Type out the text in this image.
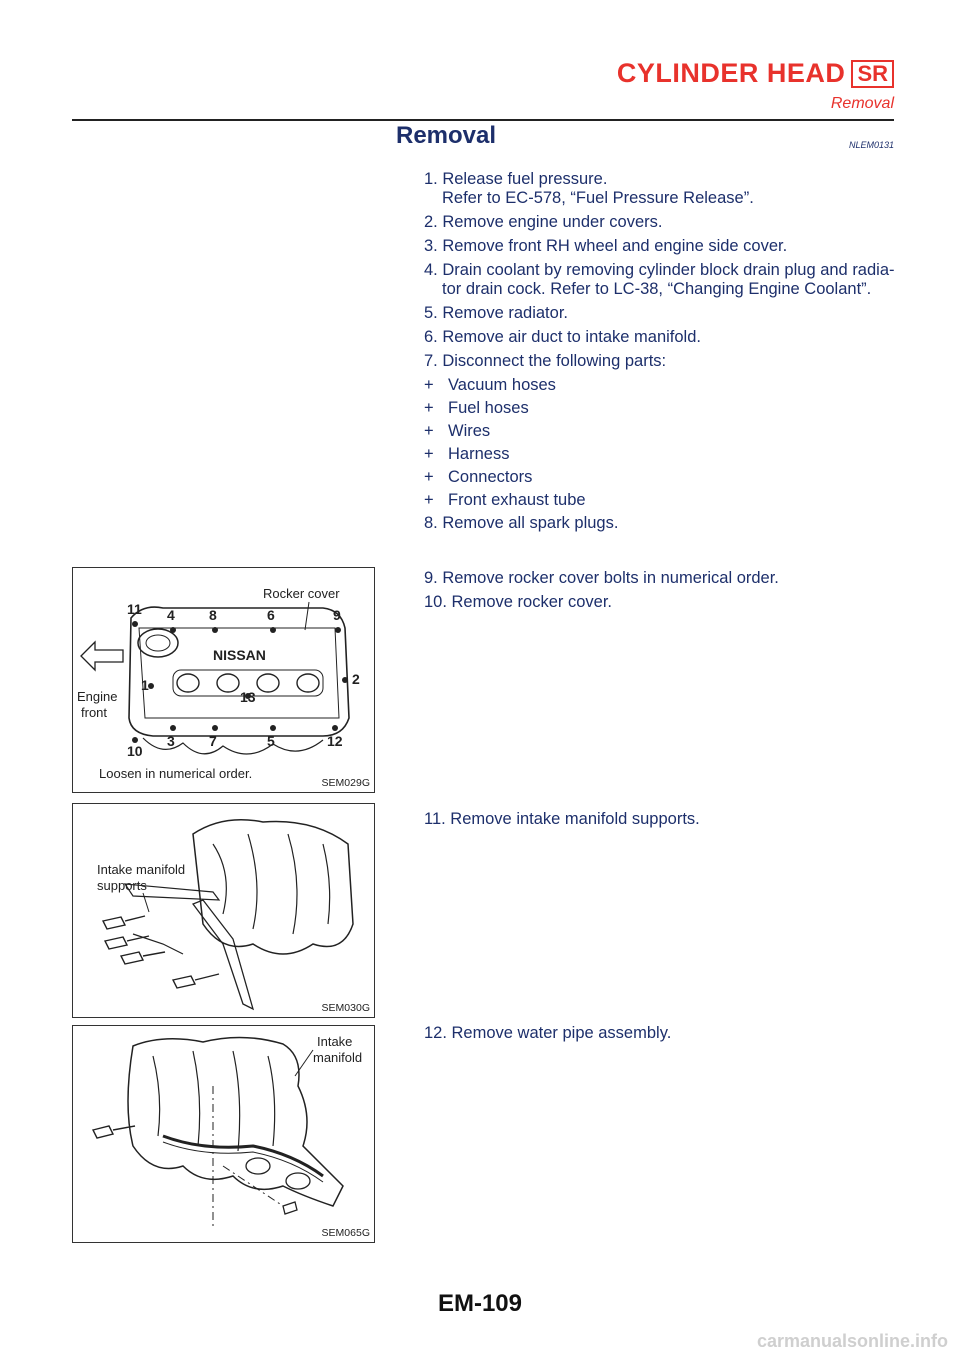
CYLINDER HEAD SR
Removal
Removal	NLEM0131
1. Release fuel pressure.
Refer to EC-578, “Fuel Pressure Release”.
2. Remove engine under covers.
3. Remove front RH wheel and engine side cover.
4. Drain coolant by removing cylinder block drain plug and radia-
tor drain cock. Refer to LC-38, “Changing Engine Coolant”.
5. Remove radiator.
6. Remove air duct to intake manifold.
7. Disconnect the following parts:
+ Vacuum hoses
+ Fuel hoses
+ Wires
+ Harness
+ Connectors
+ Front exhaust tube
8. Remove all spark plugs.
9. Remove rocker cover bolts in numerical order.
10. Remove rocker cover.
11. Remove intake manifold supports.
12. Remove water pipe assembly.
NISSAN
Engine
front
Rocker cover
Loosen in numerical order.
11 4 8	6	9
1	2
13
10
3 7	5	12
SEM029G
Intake manifold
supports
SEM030G
Intake
manifold
SEM065G
EM-109
carmanualsonline.info
